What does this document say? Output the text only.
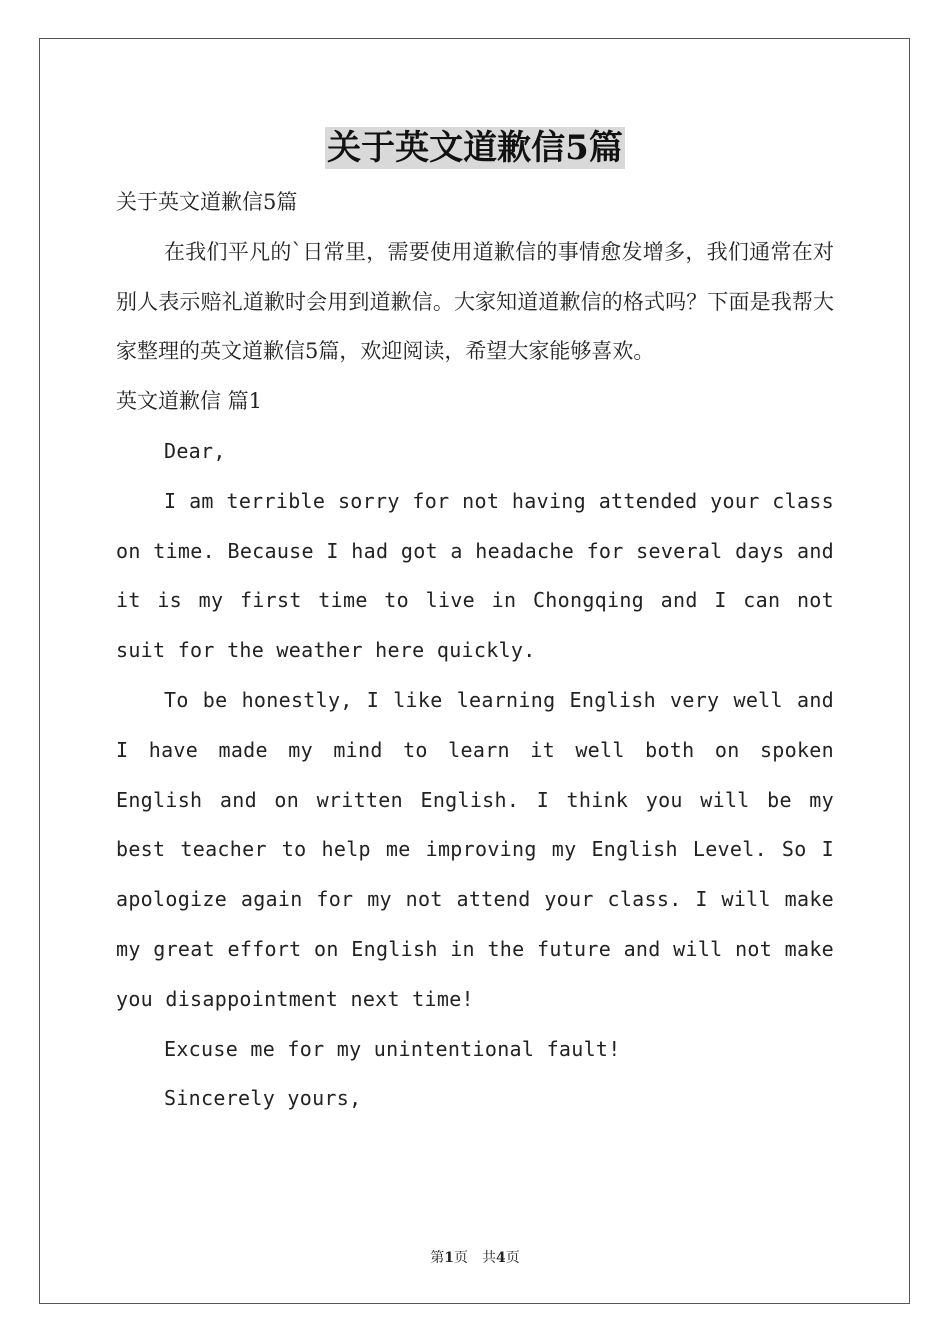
关于英文道歉信5篇

关于英文道歉信5篇

在我们平凡的`日常里，需要使用道歉信的事情愈发增多，我们通常在对别人表示赔礼道歉时会用到道歉信。大家知道道歉信的格式吗？下面是我帮大家整理的英文道歉信5篇，欢迎阅读，希望大家能够喜欢。

英文道歉信 篇1

Dear,

I am terrible sorry for not having attended your class on time. Because I had got a headache for several days and it is my first time to live in Chongqing and I can not suit for the weather here quickly.

To be honestly, I like learning English very well and I have made my mind to learn it well both on spoken English and on written English. I think you will be my best teacher to help me improving my English Level. So I apologize again for my not attend your class. I will make my great effort on English in the future and will not make you disappointment next time!

Excuse me for my unintentional fault!

Sincerely yours,

第1页 共4页
